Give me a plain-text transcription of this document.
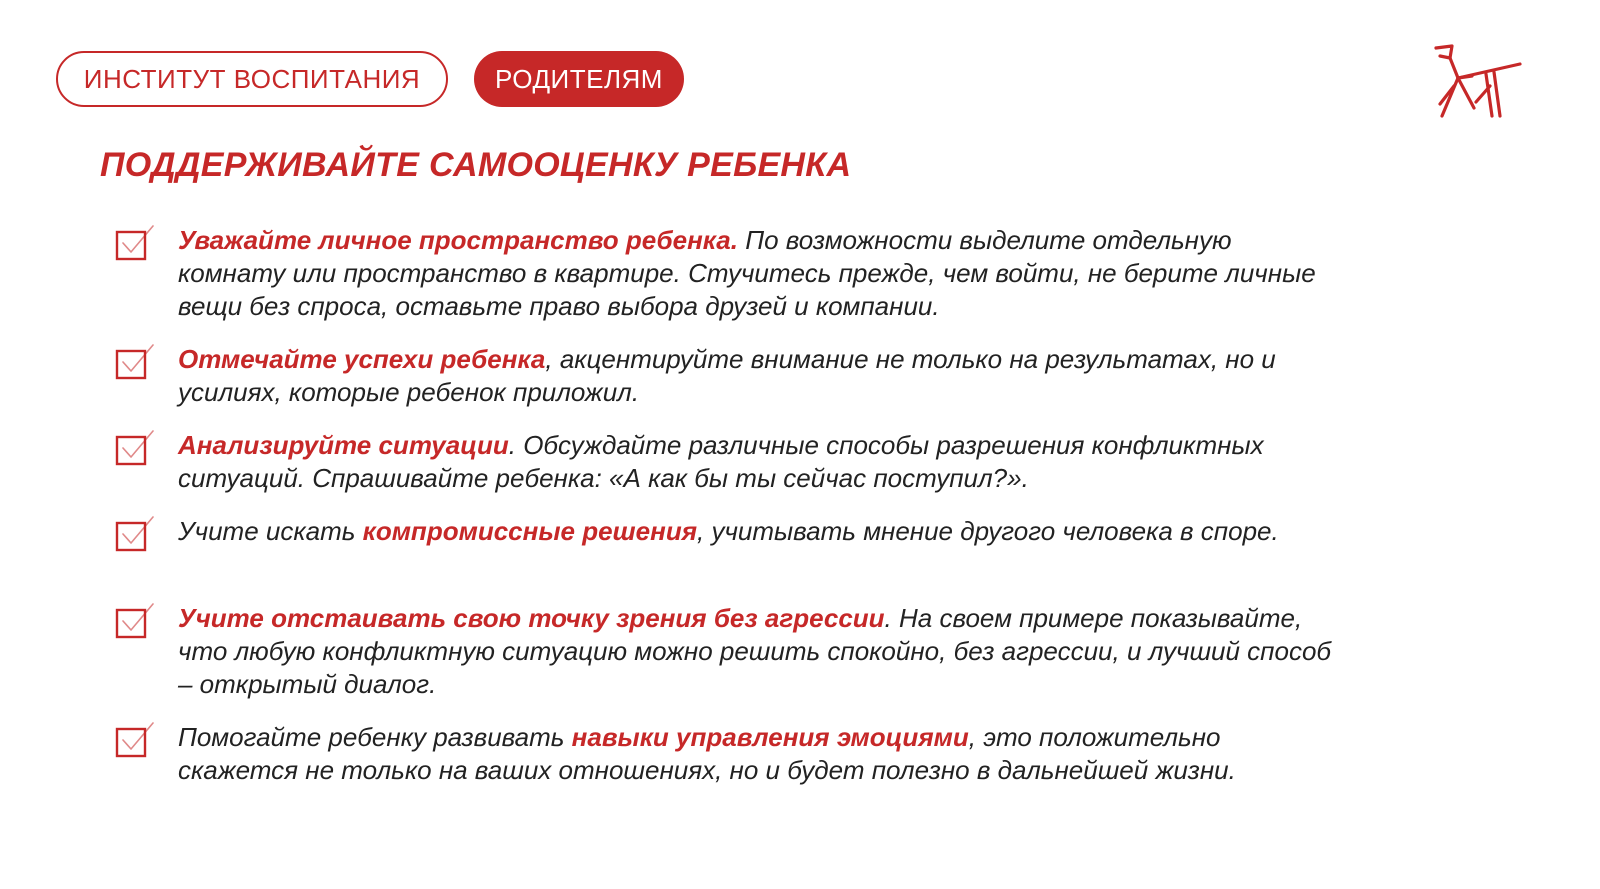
ИНСТИТУТ ВОСПИТАНИЯ	РОДИТЕЛЯМ
ПОДДЕРЖИВАЙТЕ САМООЦЕНКУ РЕБЕНКА
Уважайте личное пространство ребенка. По возможности выделите отдельную комнату или пространство в квартире. Стучитесь прежде, чем войти, не берите личные вещи без спроса, оставьте право выбора друзей и компании.
Отмечайте успехи ребенка, акцентируйте внимание не только на результатах, но и усилиях, которые ребенок приложил.
Анализируйте ситуации. Обсуждайте различные способы разрешения конфликтных ситуаций. Спрашивайте ребенка: «А как бы ты сейчас поступил?».
Учите искать компромиссные решения, учитывать мнение другого человека в споре.
Учите отстаивать свою точку зрения без агрессии. На своем примере показывайте, что любую конфликтную ситуацию можно решить спокойно, без агрессии, и лучший способ – открытый диалог.
Помогайте ребенку развивать навыки управления эмоциями, это положительно скажется не только на ваших отношениях, но и будет полезно в дальнейшей жизни.
